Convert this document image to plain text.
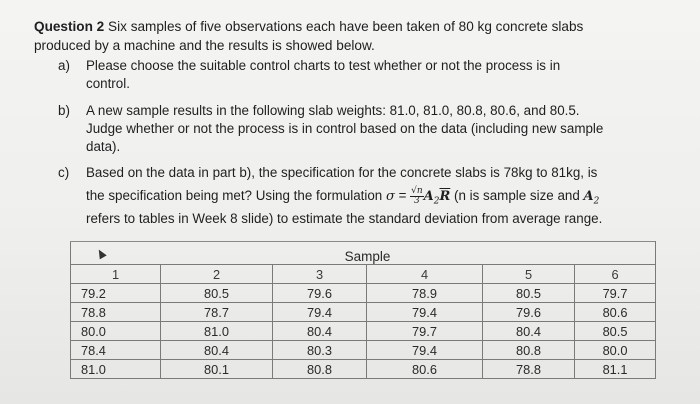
Question 2 Six samples of five observations each have been taken of 80 kg concrete slabs
produced by a machine and the results is showed below.
a) Please choose the suitable control charts to test whether or not the process is in
control.
b) A new sample results in the following slab weights: 81.0, 81.0, 80.8, 80.6, and 80.5.
Judge whether or not the process is in control based on the data (including new sample
data).
c) Based on the data in part b), the specification for the concrete slabs is 78kg to 81kg, is
the specification being met? Using the formulation $\sigma = \frac{√n}{3} A_2\overline{R}$ (n is sample size and $A_2$
refers to tables in Week 8 slide) to estimate the standard deviation from average range.
	Sample				
1	2	3	4	5	6
79.2	80.5	79.6	78.9	80.5	79.7
78.8	78.7	79.4	79.4	79.6	80.6
80.0	81.0	80.4	79.7	80.4	80.5
78.4	80.4	80.3	79.4	80.8	80.0
81.0	80.1	80.8	80.6	78.8	81.1
